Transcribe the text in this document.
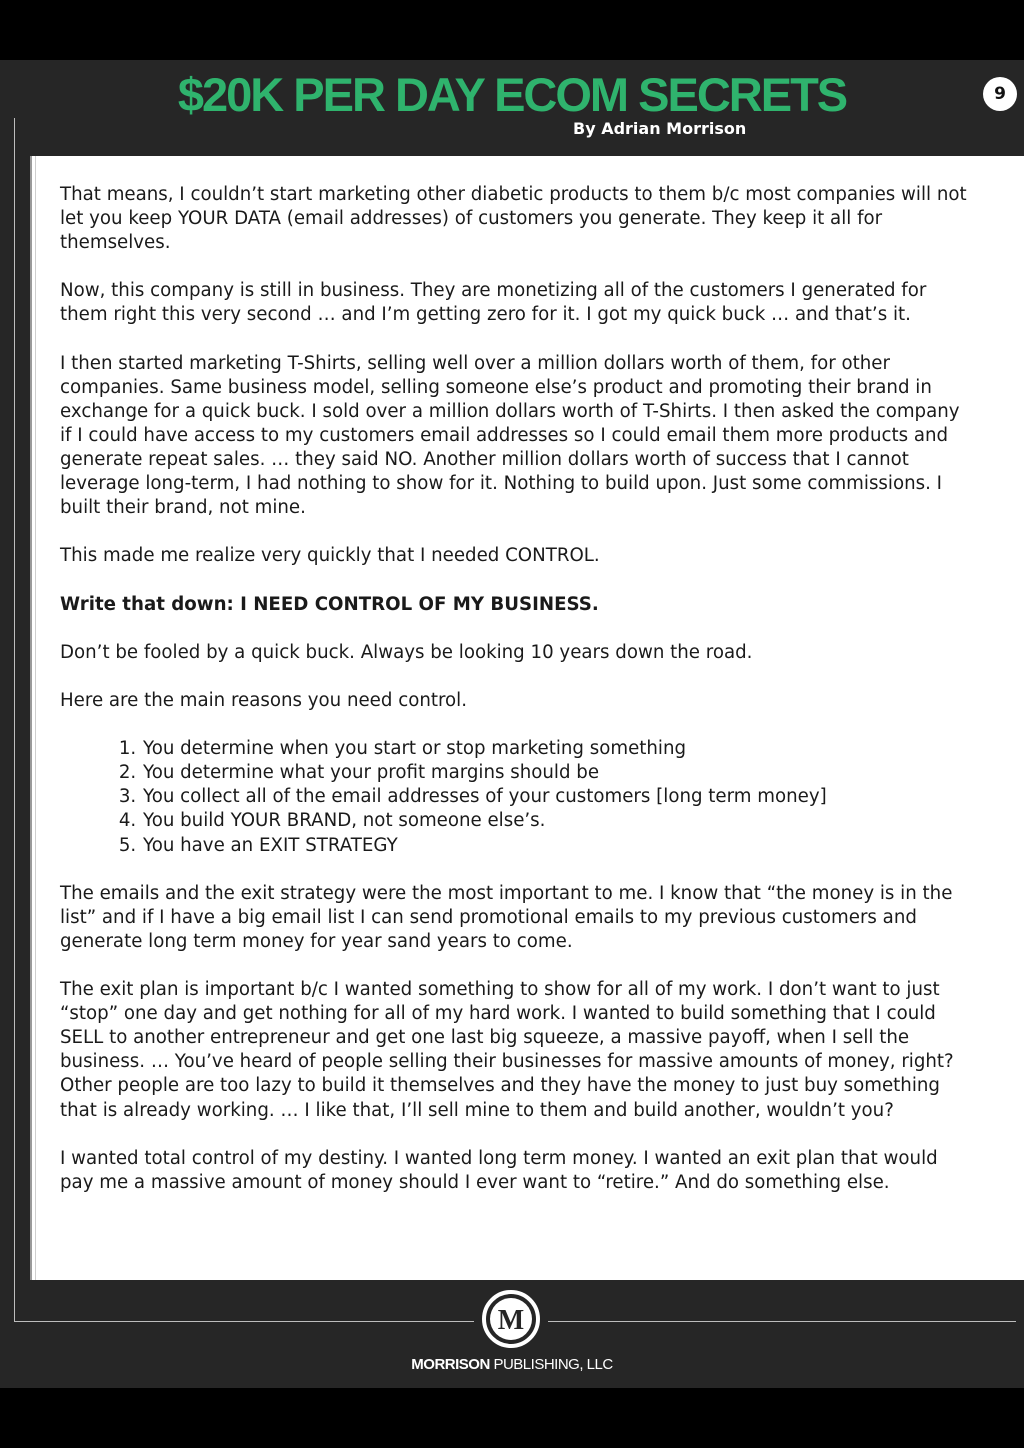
$20K PER DAY ECOM SECRETS
By Adrian Morrison
9

That means, I couldn’t start marketing other diabetic products to them b/c most companies will not let you keep YOUR DATA (email addresses) of customers you generate. They keep it all for themselves.

Now, this company is still in business. They are monetizing all of the customers I generated for them right this very second … and I’m getting zero for it. I got my quick buck … and that’s it.

I then started marketing T-Shirts, selling well over a million dollars worth of them, for other companies. Same business model, selling someone else’s product and promoting their brand in exchange for a quick buck. I sold over a million dollars worth of T-Shirts. I then asked the company if I could have access to my customers email addresses so I could email them more products and generate repeat sales. … they said NO. Another million dollars worth of success that I cannot leverage long-term, I had nothing to show for it. Nothing to build upon. Just some commissions. I built their brand, not mine.

This made me realize very quickly that I needed CONTROL.

Write that down: I NEED CONTROL OF MY BUSINESS.

Don’t be fooled by a quick buck. Always be looking 10 years down the road.

Here are the main reasons you need control.

1. You determine when you start or stop marketing something
2. You determine what your profit margins should be
3. You collect all of the email addresses of your customers [long term money]
4. You build YOUR BRAND, not someone else’s.
5. You have an EXIT STRATEGY

The emails and the exit strategy were the most important to me. I know that “the money is in the list” and if I have a big email list I can send promotional emails to my previous customers and generate long term money for year sand years to come.

The exit plan is important b/c I wanted something to show for all of my work. I don’t want to just “stop” one day and get nothing for all of my hard work. I wanted to build something that I could SELL to another entrepreneur and get one last big squeeze, a massive payoff, when I sell the business. … You’ve heard of people selling their businesses for massive amounts of money, right? Other people are too lazy to build it themselves and they have the money to just buy something that is already working. … I like that, I’ll sell mine to them and build another, wouldn’t you?

I wanted total control of my destiny. I wanted long term money. I wanted an exit plan that would pay me a massive amount of money should I ever want to “retire.” And do something else.

M
MORRISON PUBLISHING, LLC
